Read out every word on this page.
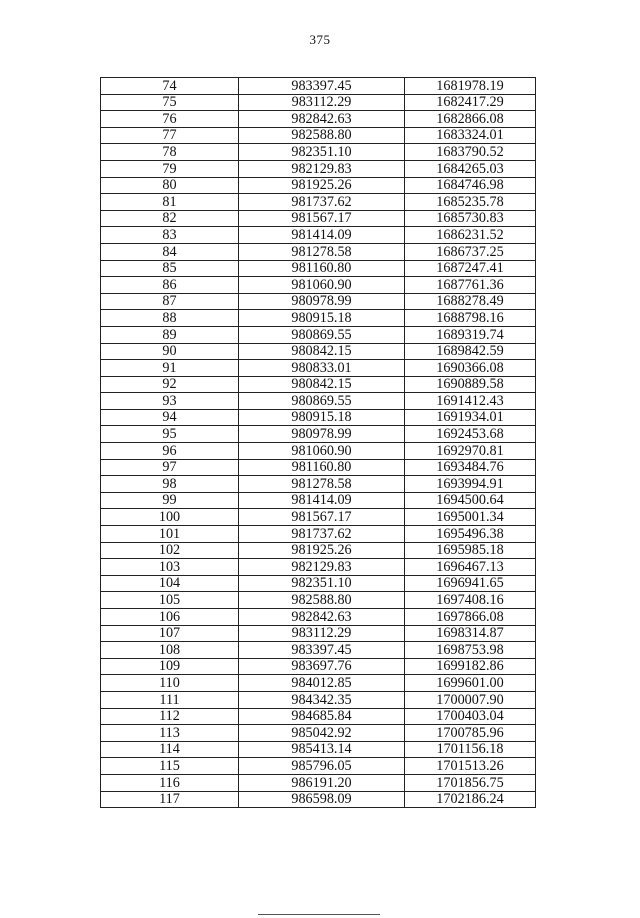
375
74	983397.45	1681978.19
75	983112.29	1682417.29
76	982842.63	1682866.08
77	982588.80	1683324.01
78	982351.10	1683790.52
79	982129.83	1684265.03
80	981925.26	1684746.98
81	981737.62	1685235.78
82	981567.17	1685730.83
83	981414.09	1686231.52
84	981278.58	1686737.25
85	981160.80	1687247.41
86	981060.90	1687761.36
87	980978.99	1688278.49
88	980915.18	1688798.16
89	980869.55	1689319.74
90	980842.15	1689842.59
91	980833.01	1690366.08
92	980842.15	1690889.58
93	980869.55	1691412.43
94	980915.18	1691934.01
95	980978.99	1692453.68
96	981060.90	1692970.81
97	981160.80	1693484.76
98	981278.58	1693994.91
99	981414.09	1694500.64
100	981567.17	1695001.34
101	981737.62	1695496.38
102	981925.26	1695985.18
103	982129.83	1696467.13
104	982351.10	1696941.65
105	982588.80	1697408.16
106	982842.63	1697866.08
107	983112.29	1698314.87
108	983397.45	1698753.98
109	983697.76	1699182.86
110	984012.85	1699601.00
111	984342.35	1700007.90
112	984685.84	1700403.04
113	985042.92	1700785.96
114	985413.14	1701156.18
115	985796.05	1701513.26
116	986191.20	1701856.75
117	986598.09	1702186.24
